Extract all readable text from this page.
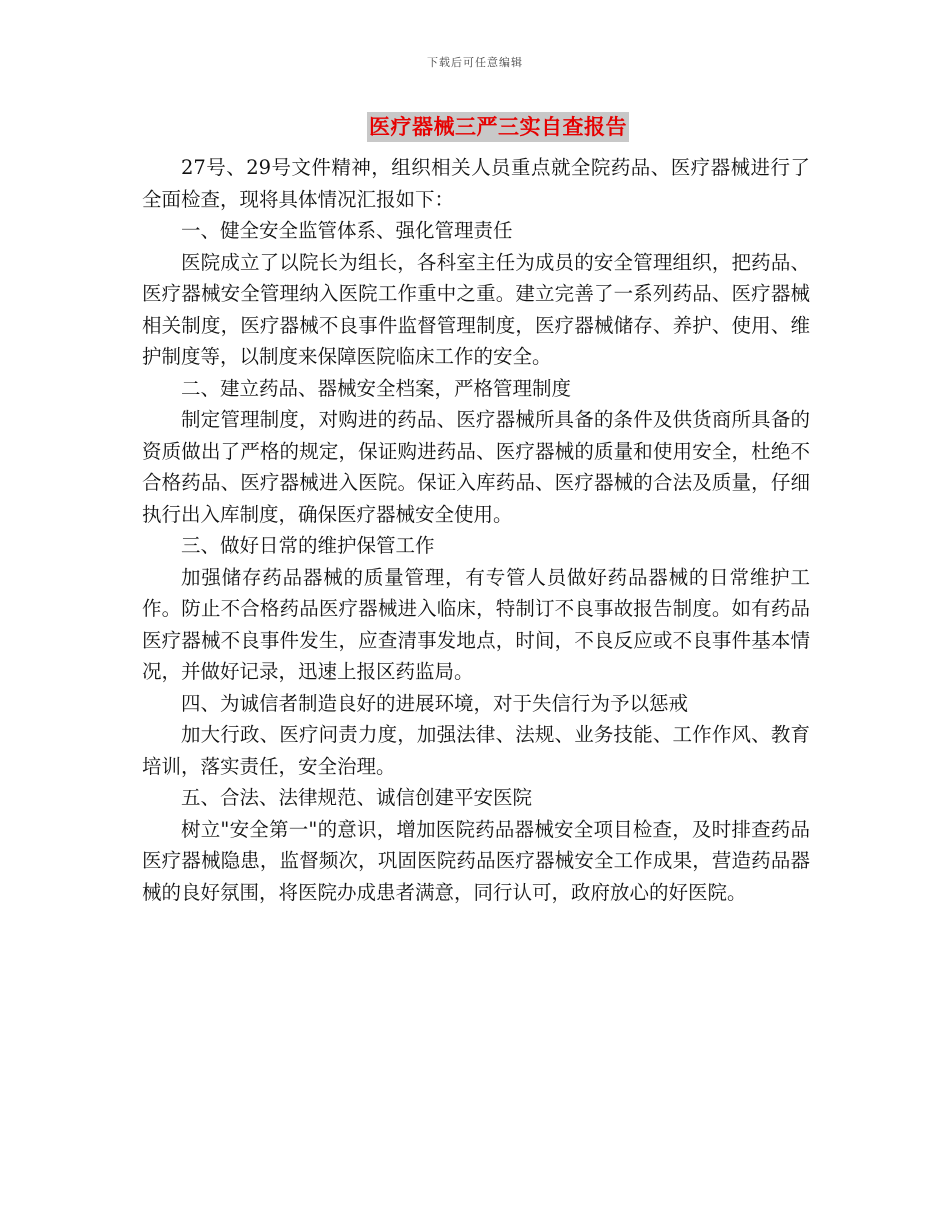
下载后可任意编辑
医疗器械三严三实自查报告

27号、29号文件精神，组织相关人员重点就全院药品、医疗器械进行了全面检查，现将具体情况汇报如下：

一、健全安全监管体系、强化管理责任

医院成立了以院长为组长，各科室主任为成员的安全管理组织，把药品、医疗器械安全管理纳入医院工作重中之重。建立完善了一系列药品、医疗器械相关制度，医疗器械不良事件监督管理制度，医疗器械储存、养护、使用、维护制度等，以制度来保障医院临床工作的安全。

二、建立药品、器械安全档案，严格管理制度

制定管理制度，对购进的药品、医疗器械所具备的条件及供货商所具备的资质做出了严格的规定，保证购进药品、医疗器械的质量和使用安全，杜绝不合格药品、医疗器械进入医院。保证入库药品、医疗器械的合法及质量，仔细执行出入库制度，确保医疗器械安全使用。

三、做好日常的维护保管工作

加强储存药品器械的质量管理，有专管人员做好药品器械的日常维护工作。防止不合格药品医疗器械进入临床，特制订不良事故报告制度。如有药品医疗器械不良事件发生，应查清事发地点，时间，不良反应或不良事件基本情况，并做好记录，迅速上报区药监局。

四、为诚信者制造良好的进展环境，对于失信行为予以惩戒

加大行政、医疗问责力度，加强法律、法规、业务技能、工作作风、教育培训，落实责任，安全治理。

五、合法、法律规范、诚信创建平安医院

树立"安全第一"的意识，增加医院药品器械安全项目检查，及时排查药品医疗器械隐患，监督频次，巩固医院药品医疗器械安全工作成果，营造药品器械的良好氛围，将医院办成患者满意，同行认可，政府放心的好医院。
